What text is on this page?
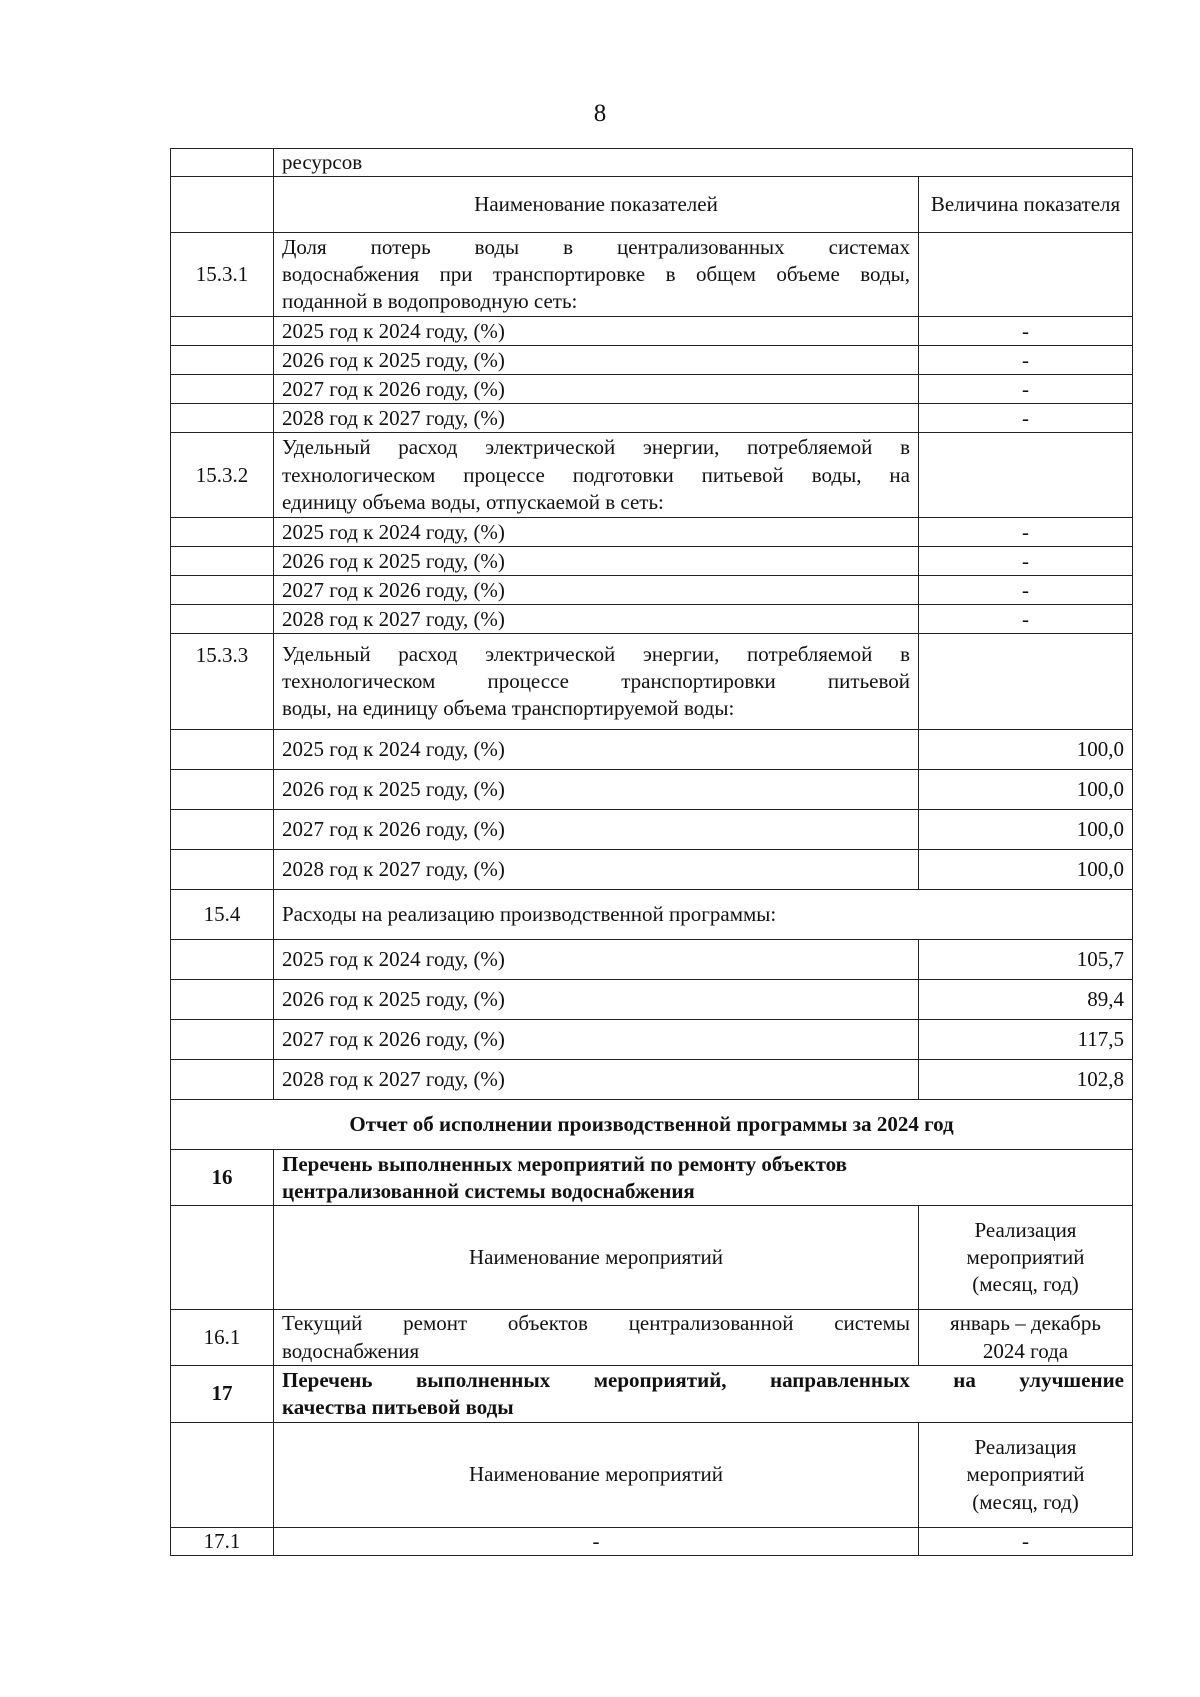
8
	ресурсов	
	Наименование показателей	Величина показателя
15.3.1	Доля потерь воды в централизованных системах
водоснабжения при транспортировке в общем объеме воды,
поданной в водопроводную сеть:	

	2025 год к 2024 году, (%)	-
	2026 год к 2025 году, (%)	-
	2027 год к 2026 году, (%)	-
	2028 год к 2027 году, (%)	-
15.3.2	Удельный расход электрической энергии, потребляемой в
технологическом процессе подготовки питьевой воды, на
единицу объема воды, отпускаемой в сеть:	

	2025 год к 2024 году, (%)	-
	2026 год к 2025 году, (%)	-
	2027 год к 2026 году, (%)	-
	2028 год к 2027 году, (%)	-
15.3.3	Удельный расход электрической энергии, потребляемой в
технологическом процессе транспортировки питьевой
воды, на единицу объема транспортируемой воды:	

	2025 год к 2024 году, (%)	100,0
	2026 год к 2025 году, (%)	100,0
	2027 год к 2026 году, (%)	100,0
	2028 год к 2027 году, (%)	100,0
15.4	Расходы на реализацию производственной программы:	
	2025 год к 2024 году, (%)	105,7
	2026 год к 2025 году, (%)	89,4
	2027 год к 2026 году, (%)	117,5
	2028 год к 2027 году, (%)	102,8
Отчет об исполнении производственной программы за 2024 год		
16	Перечень выполненных мероприятий по ремонту объектов
централизованной системы водоснабжения	

	Наименование мероприятий	Реализация
мероприятий
(месяц, год)

16.1	Текущий ремонт объектов централизованной системы
водоснабжения	январь – декабрь
2024 года

17	Перечень выполненных мероприятий, направленных на улучшение
качества питьевой воды	

	Наименование мероприятий	Реализация
мероприятий
(месяц, год)

17.1	-	-
